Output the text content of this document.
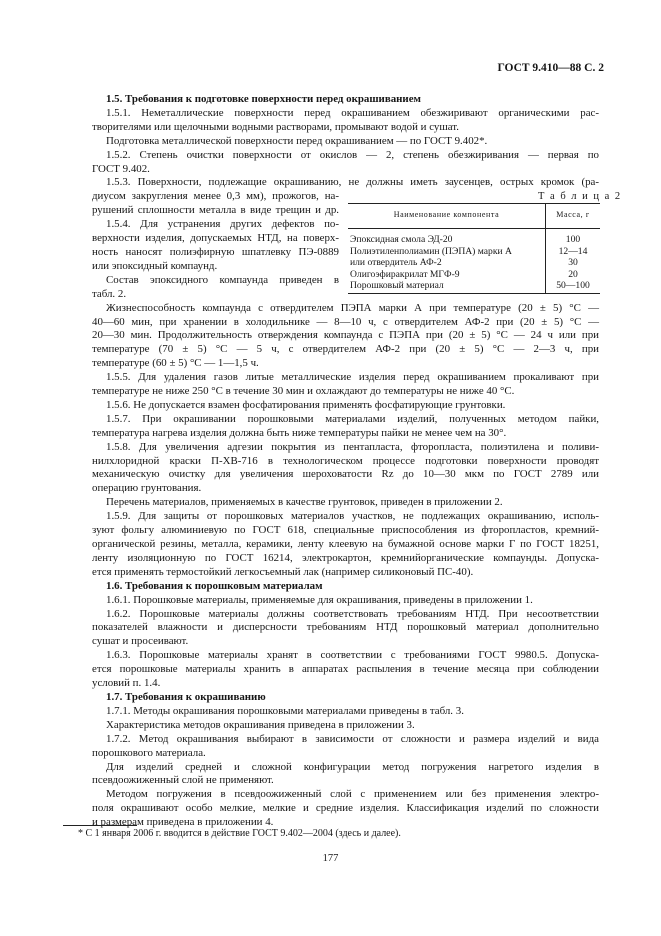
ГОСТ 9.410—88 С. 2
Т а б л и ц а 2
Наименование компонента	Масса, г
Эпоксидная смола ЭД-20	100
Полиэтиленполиамин (ПЭПА) марки А	12—14
или отвердитель АФ-2	30
Олигоэфиракрилат МГФ-9	20
Порошковый материал	50—100

1.5. Требования к подготовке поверхности перед окрашиванием

1.5.1. Неметаллические поверхности перед окрашиванием обезжиривают органическими рас-

творителями или щелочными водными растворами, промывают водой и сушат.

Подготовка металлической поверхности перед окрашиванием — по ГОСТ 9.402*.

1.5.2. Степень очистки поверхности от окислов — 2, степень обезжиривания — первая по

ГОСТ 9.402.

1.5.3. Поверхности, подлежащие окрашиванию, не должны иметь заусенцев, острых кромок (ра-

диусом закругления менее 0,3 мм), прожогов, на-

рушений сплошности металла в виде трещин и др.

1.5.4. Для устранения других дефектов по-

верхности изделия, допускаемых НТД, на поверх-

ность наносят полиэфирную шпатлевку ПЭ-0889

или эпоксидный компаунд.

Состав эпоксидного компаунда приведен в

табл. 2.

Жизнеспособность компаунда с отвердителем ПЭПА марки А при температуре (20 ± 5) °С —

40—60 мин, при хранении в холодильнике — 8—10 ч, с отвердителем АФ-2 при (20 ± 5) °С —

20—30 мин. Продолжительность отверждения компаунда с ПЭПА при (20 ± 5) °С — 24 ч или при

температуре (70 ± 5) °С — 5 ч, с отвердителем АФ-2 при (20 ± 5) °С — 2—3 ч, при

температуре (60 ± 5) °С — 1—1,5 ч.

1.5.5. Для удаления газов литые металлические изделия перед окрашиванием прокаливают при

температуре не ниже 250 °С в течение 30 мин и охлаждают до температуры не ниже 40 °С.

1.5.6. Не допускается взамен фосфатирования применять фосфатирующие грунтовки.

1.5.7. При окрашивании порошковыми материалами изделий, полученных методом пайки,

температура нагрева изделия должна быть ниже температуры пайки не менее чем на 30°.

1.5.8. Для увеличения адгезии покрытия из пентапласта, фторопласта, полиэтилена и поливи-

нилхлоридной краски П-ХВ-716 в технологическом процессе подготовки поверхности проводят

механическую очистку для увеличения шероховатости Rz до 10—30 мкм по ГОСТ 2789 или

операцию грунтования.

Перечень материалов, применяемых в качестве грунтовок, приведен в приложении 2.

1.5.9. Для защиты от порошковых материалов участков, не подлежащих окрашиванию, исполь-

зуют фольгу алюминиевую по ГОСТ 618, специальные приспособления из фторопластов, кремний-

органической резины, металла, керамики, ленту клеевую на бумажной основе марки Г по ГОСТ 18251,

ленту изоляционную по ГОСТ 16214, электрокартон, кремнийорганические компаунды. Допуска-

ется применять термостойкий легкосъемный лак (например силиконовый ПС-40).

1.6. Требования к порошковым материалам

1.6.1. Порошковые материалы, применяемые для окрашивания, приведены в приложении 1.

1.6.2. Порошковые материалы должны соответствовать требованиям НТД. При несоответствии

показателей влажности и дисперсности требованиям НТД порошковый материал дополнительно

сушат и просеивают.

1.6.3. Порошковые материалы хранят в соответствии с требованиями ГОСТ 9980.5. Допуска-

ется порошковые материалы хранить в аппаратах распыления в течение месяца при соблюдении

условий п. 1.4.

1.7. Требования к окрашиванию

1.7.1. Методы окрашивания порошковыми материалами приведены в табл. 3.

Характеристика методов окрашивания приведена в приложении 3.

1.7.2. Метод окрашивания выбирают в зависимости от сложности и размера изделий и вида

порошкового материала.

Для изделий средней и сложной конфигурации метод погружения нагретого изделия в

псевдоожиженный слой не применяют.

Методом погружения в псевдоожиженный слой с применением или без применения электро-

поля окрашивают особо мелкие, мелкие и средние изделия. Классификация изделий по сложности

и размерам приведена в приложении 4.

* С 1 января 2006 г. вводится в действие ГОСТ 9.402—2004 (здесь и далее).
177
